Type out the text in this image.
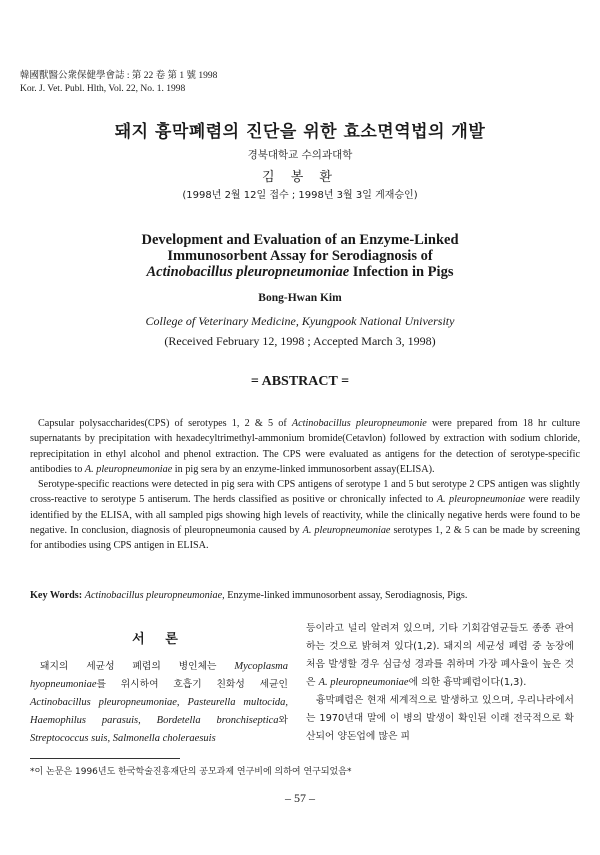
韓國獸醫公衆保健學會誌 : 第 22 卷 第 1 號 1998
Kor. J. Vet. Publ. Hlth, Vol. 22, No. 1. 1998
돼지 흉막폐렴의 진단을 위한 효소면역법의 개발
경북대학교 수의과대학
김 봉 환
(1998년 2월 12일 접수 ; 1998년 3월 3일 게재승인)
Development and Evaluation of an Enzyme-Linked
Immunosorbent Assay for Serodiagnosis of
Actinobacillus pleuropneumoniae Infection in Pigs
Bong-Hwan Kim
College of Veterinary Medicine, Kyungpook National University
(Received February 12, 1998 ; Accepted March 3, 1998)
= ABSTRACT =

Capsular polysaccharides(CPS) of serotypes 1, 2 & 5 of Actinobacillus pleuropneumonie were prepared from 18 hr culture supernatants by precipitation with hexadecyltrimethyl-ammonium bromide(Cetavlon) followed by extraction with sodium chloride, reprecipitation in ethyl alcohol and phenol extraction. The CPS were evaluated as antigens for the detection of serotype-specific antibodies to A. pleuropneumoniae in pig sera by an enzyme-linked immunosorbent assay(ELISA).

Serotype-specific reactions were detected in pig sera with CPS antigens of serotype 1 and 5 but serotype 2 CPS antigen was slightly cross-reactive to serotype 5 antiserum. The herds classified as positive or chronically infected to A. pleuropneumoniae were readily identified by the ELISA, with all sampled pigs showing high levels of reactivity, while the clinically negative herds were found to be negative. In conclusion, diagnosis of pleuropneumonia caused by A. pleuropneumoniae serotypes 1, 2 & 5 can be made by screening for antibodies using CPS antigen in ELISA.

Key Words: Actinobacillus pleuropneumoniae, Enzyme-linked immunosorbent assay, Serodiagnosis, Pigs.
서 론

돼지의 세균성 폐렴의 병인체는 Mycoplasma hyopneumoniae를 위시하여 호흡기 친화성 세균인 Actinobacillus pleuropneumoniae, Pasteurella multocida, Haemophilus parasuis, Bordetella bronchiseptica와 Streptococcus suis, Salmonella choleraesuis

등이라고 널리 알려져 있으며, 기타 기회감염균들도 종종 관여하는 것으로 밝혀져 있다(1,2). 돼지의 세균성 폐렴 중 농장에 처음 발생할 경우 심급성 경과를 취하며 가장 폐사율이 높은 것은 A. pleuropneumoniae에 의한 흉막폐렴이다(1,3).

흉막폐렴은 현재 세계적으로 발생하고 있으며, 우리나라에서는 1970년대 말에 이 병의 발생이 확인된 이래 전국적으로 확산되어 양돈업에 많은 피

*이 논문은 1996년도 한국학술진흥재단의 공모과제 연구비에 의하여 연구되었음*
– 57 –
